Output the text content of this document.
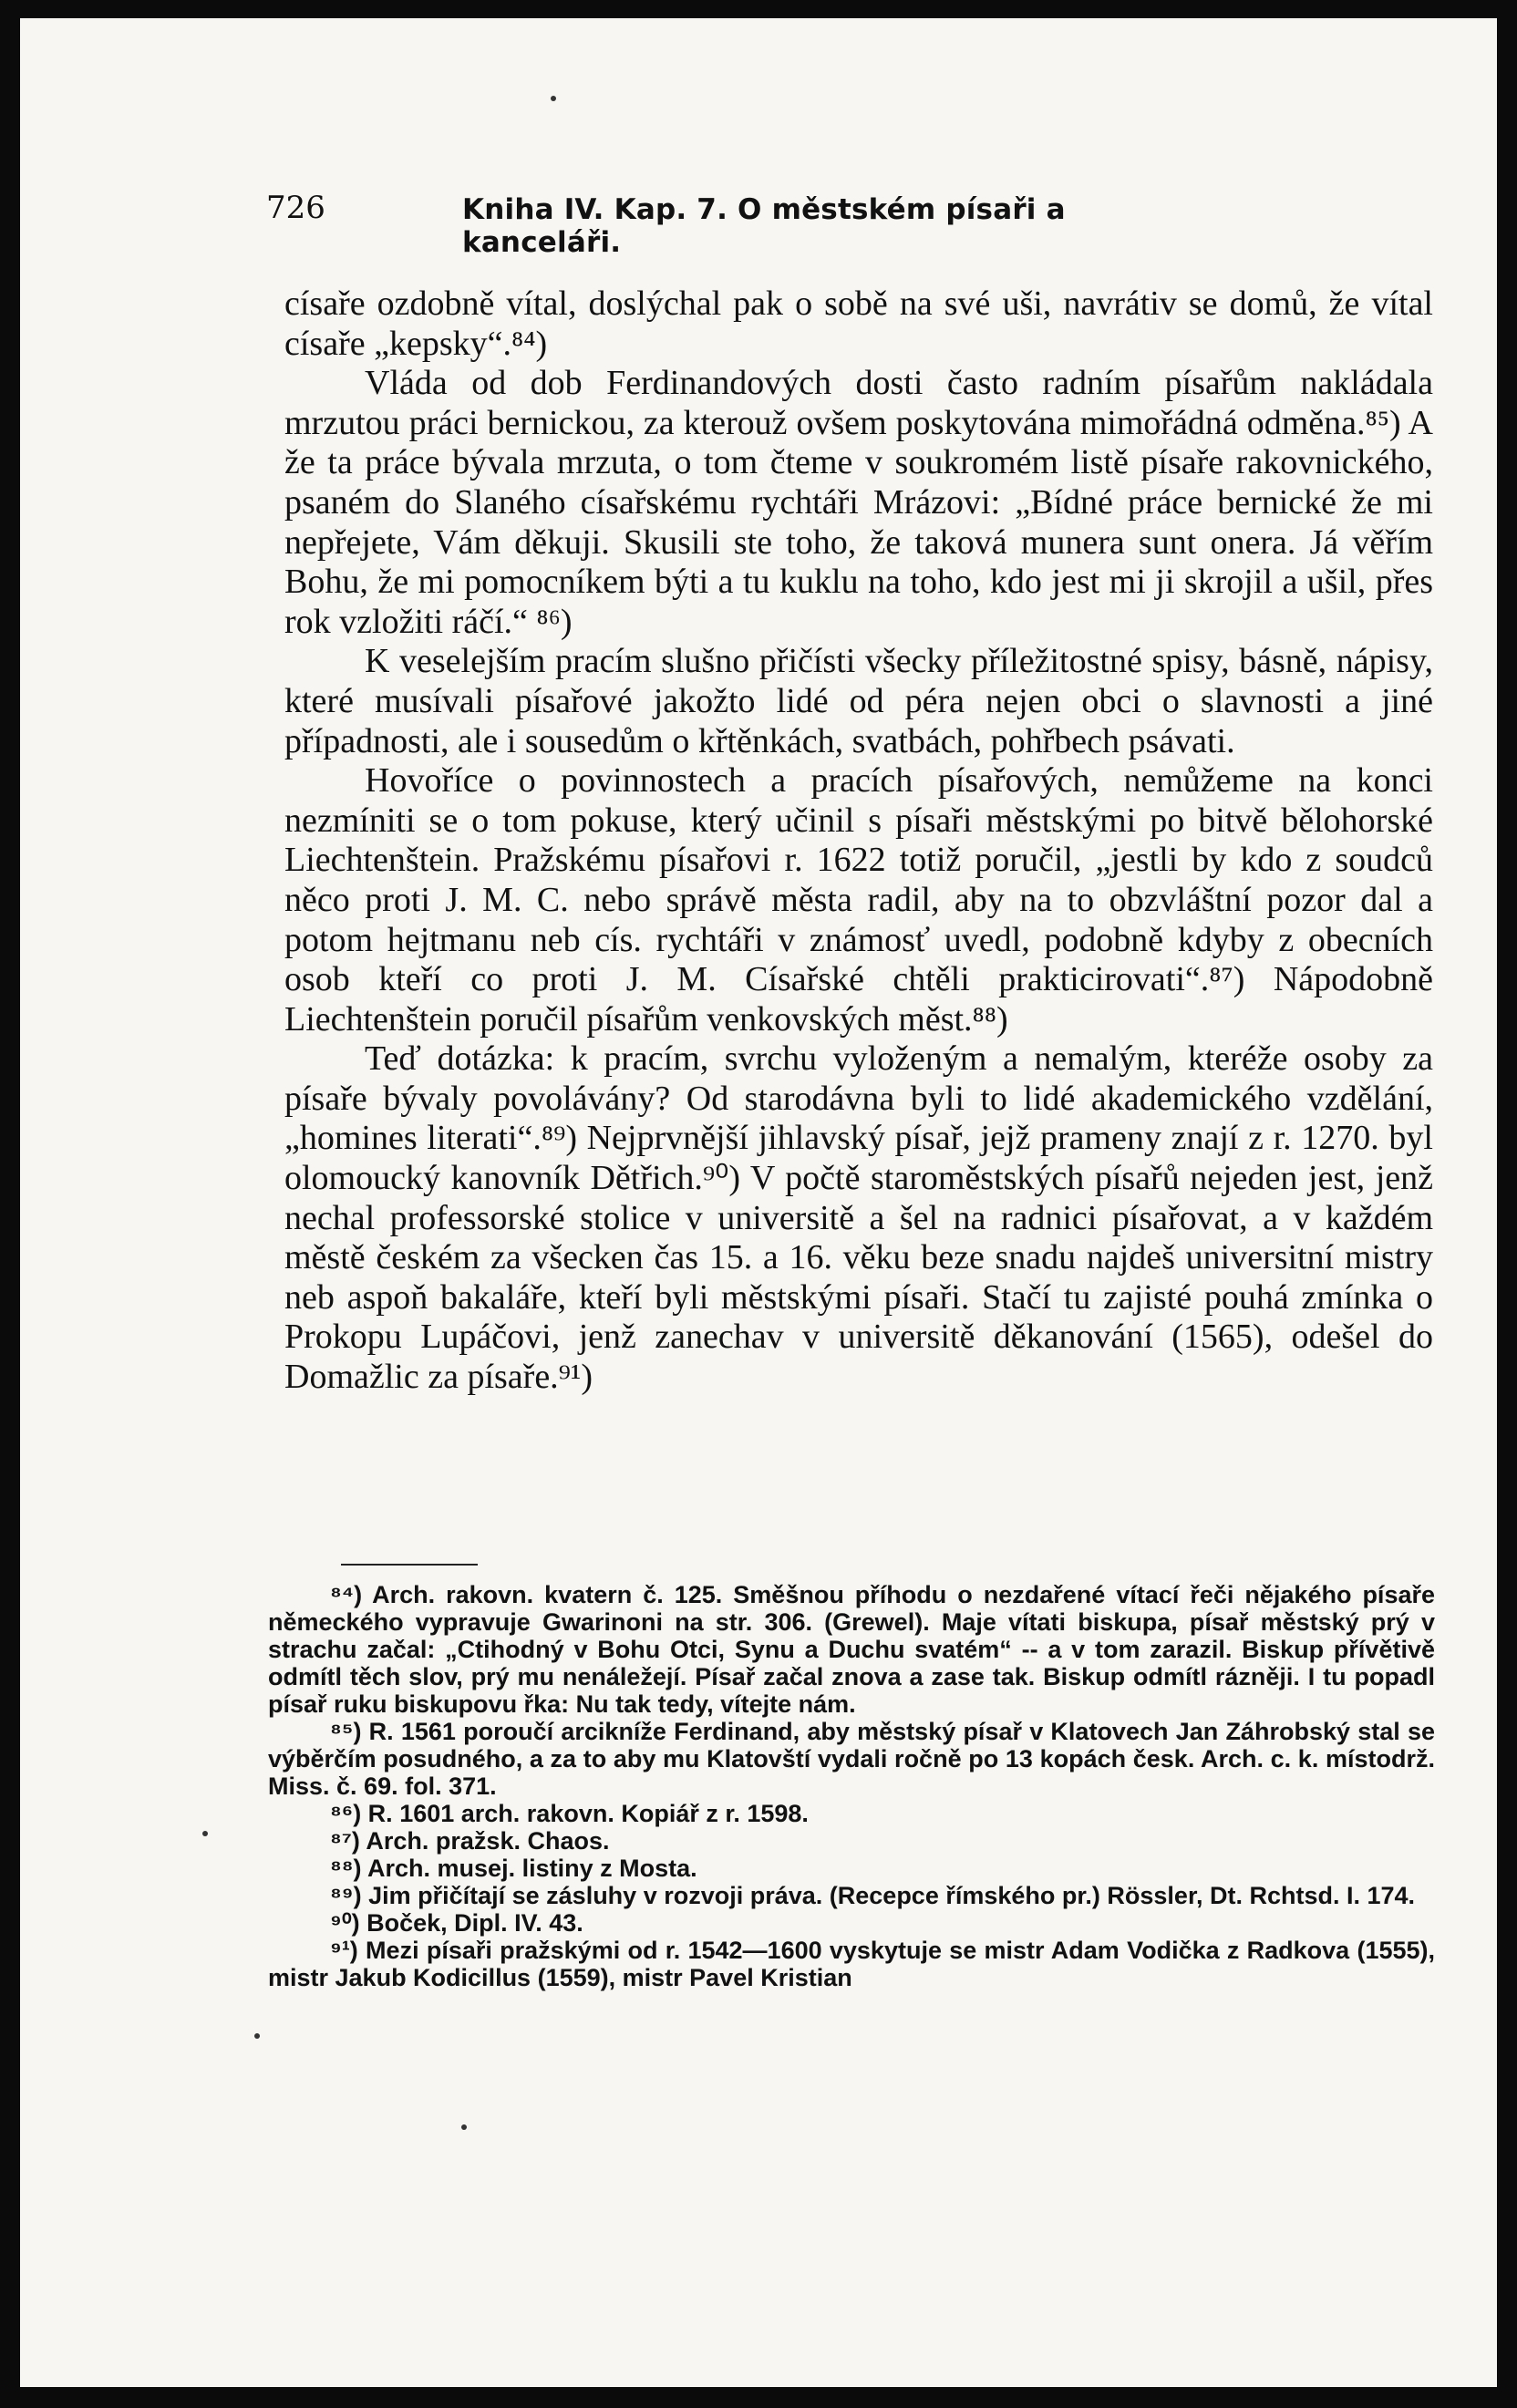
726	Kniha IV. Kap. 7. O městském písaři a kanceláři.

císaře ozdobně vítal, doslýchal pak o sobě na své uši, navrátiv se domů, že vítal císaře „kepsky“.⁸⁴)

Vláda od dob Ferdinandových dosti často radním písařům nakládala mrzutou práci bernickou, za kterouž ovšem poskytována mimořádná odměna.⁸⁵) A že ta práce bývala mrzuta, o tom čteme v soukromém listě písaře rakovnického, psaném do Slaného císařskému rychtáři Mrázovi: „Bídné práce bernické že mi nepřejete, Vám děkuji. Skusili ste toho, že taková munera sunt onera. Já věřím Bohu, že mi pomocníkem býti a tu kuklu na toho, kdo jest mi ji skrojil a ušil, přes rok vzložiti ráčí.“ ⁸⁶)

K veselejším pracím slušno přičísti všecky příležitostné spisy, básně, nápisy, které musívali písařové jakožto lidé od péra nejen obci o slavnosti a jiné případnosti, ale i sousedům o křtěnkách, svatbách, pohřbech psávati.

Hovoříce o povinnostech a pracích písařových, nemůžeme na konci nezmíniti se o tom pokuse, který učinil s písaři městskými po bitvě bělohorské Liechtenštein. Pražskému písařovi r. 1622 totiž poručil, „jestli by kdo z soudců něco proti J. M. C. nebo správě města radil, aby na to obzvláštní pozor dal a potom hejtmanu neb cís. rychtáři v známosť uvedl, podobně kdyby z obecních osob kteří co proti J. M. Císařské chtěli prakticirovati“.⁸⁷) Nápodobně Liechtenštein poručil písařům venkovských měst.⁸⁸)

Teď dotázka: k pracím, svrchu vyloženým a nemalým, kteréže osoby za písaře bývaly povolávány? Od starodávna byli to lidé akademického vzdělání, „homines literati“.⁸⁹) Nejprvnější jihlavský písař, jejž prameny znají z r. 1270. byl olomoucký kanovník Dětřich.⁹⁰) V počtě staroměstských písařů nejeden jest, jenž nechal professorské stolice v universitě a šel na radnici písařovat, a v každém městě českém za všecken čas 15. a 16. věku beze snadu najdeš universitní mistry neb aspoň bakaláře, kteří byli městskými písaři. Stačí tu zajisté pouhá zmínka o Prokopu Lupáčovi, jenž zanechav v universitě děkanování (1565), odešel do Domažlic za písaře.⁹¹)

⁸⁴) Arch. rakovn. kvatern č. 125. Směšnou příhodu o nezdařené vítací řeči nějakého písaře německého vypravuje Gwarinoni na str. 306. (Grewel). Maje vítati biskupa, písař městský prý v strachu začal: „Ctihodný v Bohu Otci, Synu a Duchu svatém“ -- a v tom zarazil. Biskup přívětivě odmítl těch slov, prý mu nenáležejí. Písař začal znova a zase tak. Biskup odmítl rázněji. I tu popadl písař ruku biskupovu řka: Nu tak tedy, vítejte nám.

⁸⁵) R. 1561 poroučí arcikníže Ferdinand, aby městský písař v Klatovech Jan Záhrobský stal se výběrčím posudného, a za to aby mu Klatovští vydali ročně po 13 kopách česk. Arch. c. k. místodrž. Miss. č. 69. fol. 371.

⁸⁶) R. 1601 arch. rakovn. Kopiář z r. 1598.

⁸⁷) Arch. pražsk. Chaos.

⁸⁸) Arch. musej. listiny z Mosta.

⁸⁹) Jim přičítají se zásluhy v rozvoji práva. (Recepce římského pr.) Rössler, Dt. Rchtsd. I. 174.

⁹⁰) Boček, Dipl. IV. 43.

⁹¹) Mezi písaři pražskými od r. 1542—1600 vyskytuje se mistr Adam Vodička z Radkova (1555), mistr Jakub Kodicillus (1559), mistr Pavel Kristian
